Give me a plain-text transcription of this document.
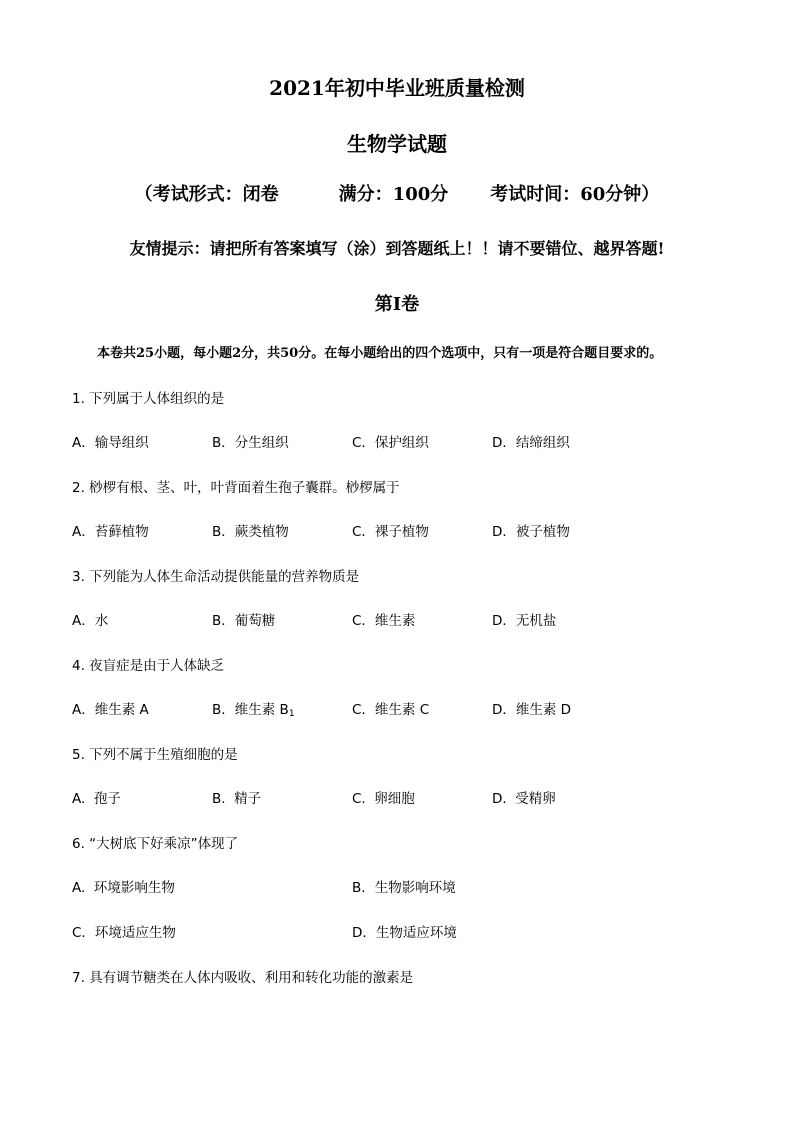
2021年初中毕业班质量检测
生物学试题
（考试形式：闭卷	满分：100分 考试时间：60分钟）
友情提示：请把所有答案填写（涂）到答题纸上！！请不要错位、越界答题!
第I卷
本卷共25小题，每小题2分，共50分。在每小题给出的四个选项中，只有一项是符合题目要求的。
1. 下列属于人体组织的是
A．输导组织	B．分生组织	C．保护组织	D．结缔组织
2. 桫椤有根、茎、叶，叶背面着生孢子囊群。桫椤属于
A．苔藓植物	B．蕨类植物	C．裸子植物	D．被子植物
3. 下列能为人体生命活动提供能量的营养物质是
A．水	B．葡萄糖	C．维生素	D．无机盐
4. 夜盲症是由于人体缺乏
A．维生素 A	B．维生素 $B_1$	C．维生素 C	D．维生素 D
5. 下列不属于生殖细胞的是
A.  孢子	B.  精子	C.  卵细胞	D.  受精卵
6. “大树底下好乘凉”体现了
A.  环境影响生物	B．生物影响环境
C．环境适应生物	D．生物适应环境
7. 具有调节糖类在人体内吸收、利用和转化功能的激素是
